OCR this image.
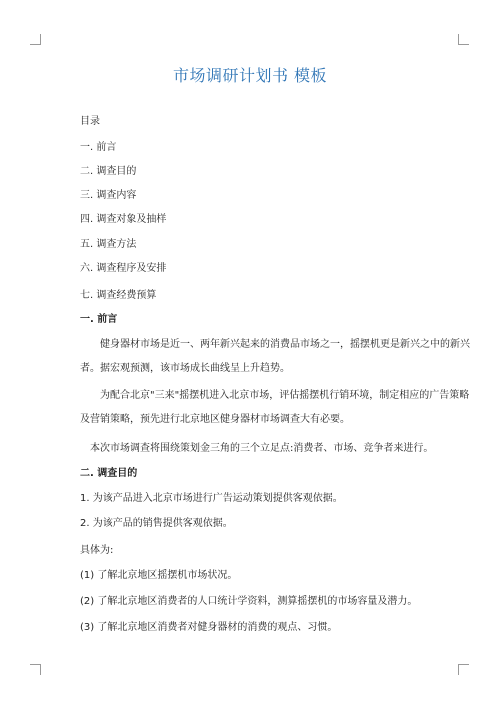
市场调研计划书 模板
目录
一. 前言
二. 调查目的
三. 调查内容
四. 调查对象及抽样
五. 调查方法
六. 调查程序及安排
七. 调查经费预算
一. 前言
健身器材市场是近一、两年新兴起来的消费品市场之一，摇摆机更是新兴之中的新兴者。据宏观预测，该市场成长曲线呈上升趋势。
为配合北京"三来"摇摆机进入北京市场，评估摇摆机行销环境，制定相应的广告策略及营销策略，预先进行北京地区健身器材市场调查大有必要。
本次市场调查将围绕策划金三角的三个立足点:消费者、市场、竞争者来进行。
二. 调查目的
1. 为该产品进入北京市场进行广告运动策划提供客观依据。
2. 为该产品的销售提供客观依据。
具体为:
(1) 了解北京地区摇摆机市场状况。
(2) 了解北京地区消费者的人口统计学资料，测算摇摆机的市场容量及潜力。
(3) 了解北京地区消费者对健身器材的消费的观点、习惯。
